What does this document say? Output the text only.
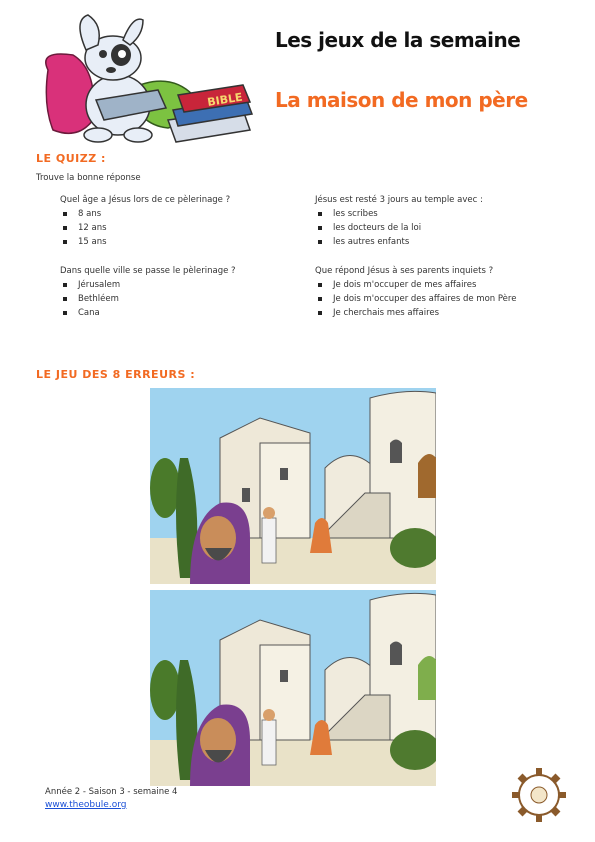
BIBLE
Les jeux de la semaine
La maison de mon père
LE QUIZZ :
Trouve la bonne réponse
Quel âge a Jésus lors de ce pèlerinage ?
8 ans
12 ans
15 ans
Dans quelle ville se passe le pèlerinage ?
Jérusalem
Bethléem
Cana
Jésus est resté 3 jours au temple avec :
les scribes
les docteurs de la loi
les autres enfants
Que répond Jésus à ses parents inquiets ?
Je dois m'occuper de mes affaires
Je dois m'occuper des affaires de mon Père
Je cherchais mes affaires
LE JEU DES 8 ERREURS :
Année 2 - Saison 3 - semaine 4
www.theobule.org
